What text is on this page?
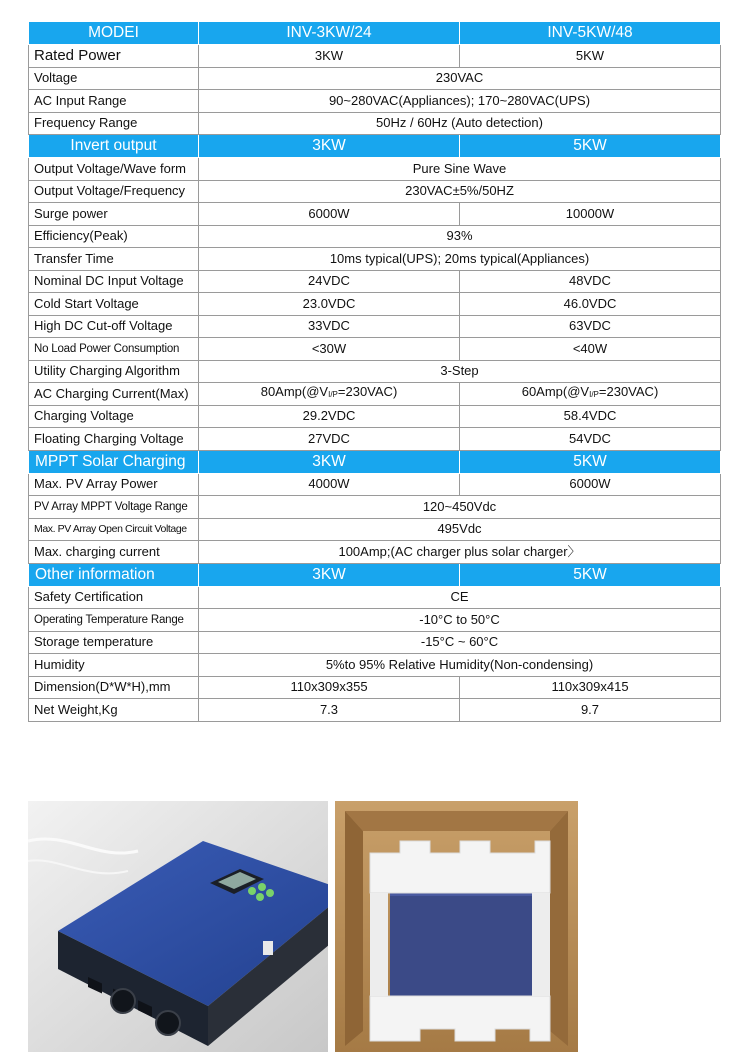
MODEI	INV-3KW/24	INV-5KW/48
Rated Power	3KW	5KW
Voltage	230VAC	
AC Input Range	90~280VAC(Appliances); 170~280VAC(UPS)	
Frequency Range	50Hz / 60Hz (Auto detection)	
Invert output	3KW	5KW
Output Voltage/Wave form	Pure Sine Wave	
Output Voltage/Frequency	230VAC±5%/50HZ	
Surge power	6000W	10000W
Efficiency(Peak)	93%	
Transfer Time	10ms typical(UPS); 20ms typical(Appliances)	
Nominal DC Input Voltage	24VDC	48VDC
Cold Start Voltage	23.0VDC	46.0VDC
High DC Cut-off Voltage	33VDC	63VDC
No Load Power Consumption	<30W	<40W
Utility Charging Algorithm	3-Step	
AC Charging Current(Max)	$80Amp(@V_{I/P}=230VAC)$	$60Amp(@V_{I/P}=230VAC)$
Charging Voltage	29.2VDC	58.4VDC
Floating Charging Voltage	27VDC	54VDC
MPPT Solar Charging	3KW	5KW
Max. PV Array Power	4000W	6000W
PV Array MPPT Voltage Range	120~450Vdc	
Max. PV Array Open Circuit Voltage	495Vdc	
Max. charging current	100Amp;(AC charger plus solar charger〉	
Other information	3KW	5KW
Safety Certification	CE	
Operating Temperature Range	-10°C to 50°C	
Storage temperature	-15°C ~ 60°C	
Humidity	5%to 95% Relative Humidity(Non-condensing)	
Dimension(D*W*H),mm	110x309x355	110x309x415
Net Weight,Kg	7.3	9.7
